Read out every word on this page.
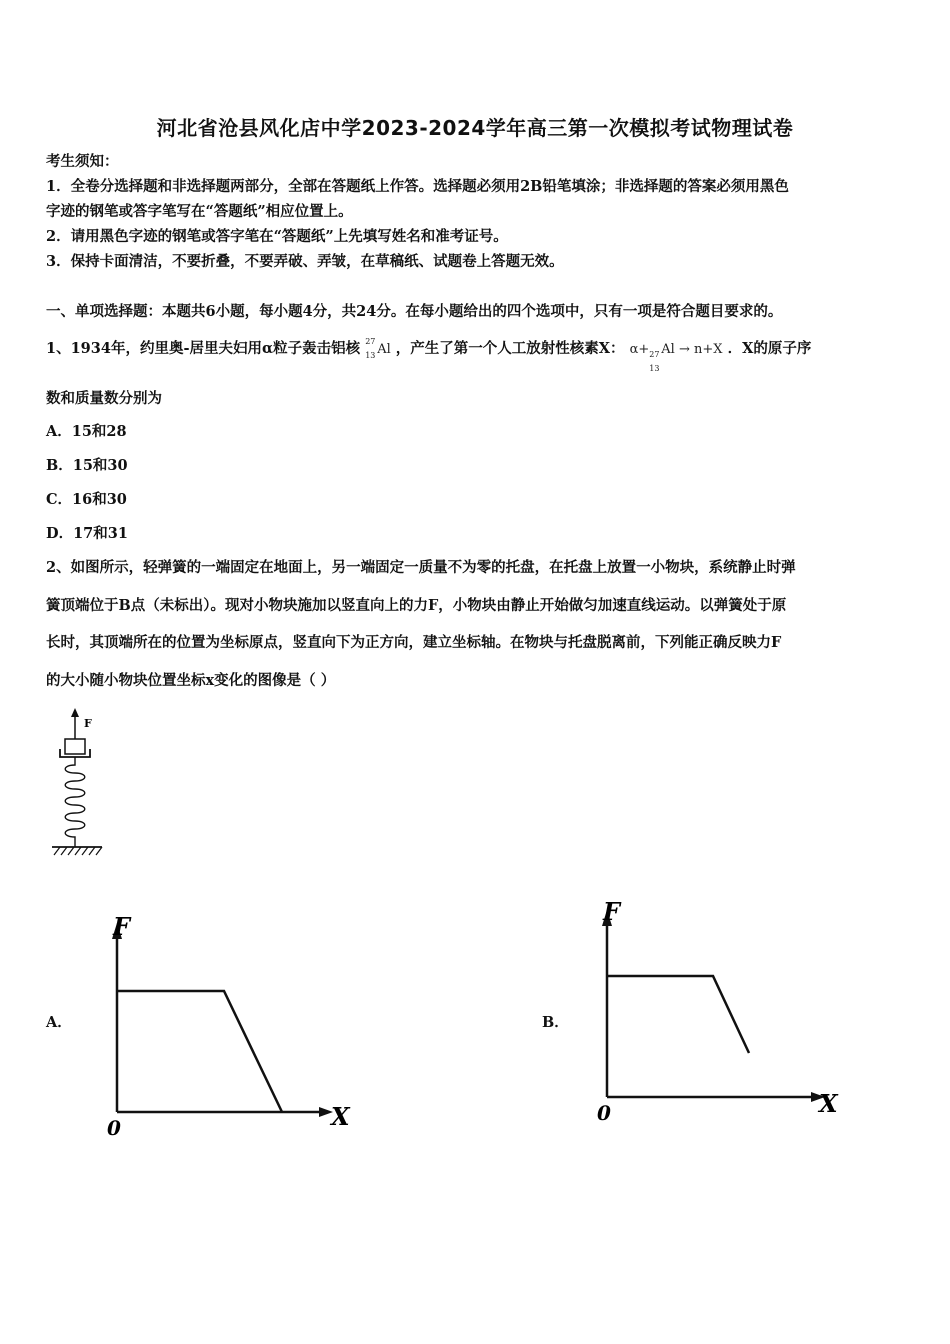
河北省沧县风化店中学2023-2024学年高三第一次模拟考试物理试卷
考生须知：
1．全卷分选择题和非选择题两部分，全部在答题纸上作答。选择题必须用2B铅笔填涂；非选择题的答案必须用黑色
字迹的钢笔或答字笔写在“答题纸”相应位置上。
2．请用黑色字迹的钢笔或答字笔在“答题纸”上先填写姓名和准考证号。
3．保持卡面清洁，不要折叠，不要弄破、弄皱，在草稿纸、试题卷上答题无效。
一、单项选择题：本题共6小题，每小题4分，共24分。在每小题给出的四个选项中，只有一项是符合题目要求的。
1、1934年，约里奥-居里夫妇用α粒子轰击铝核 27
13 Al ，产生了第一个人工放射性核素X： α+ 27
13
Al → n+X ．X的原子序
数和质量数分别为
A．15和28
B．15和30
C．16和30
D．17和31
2、如图所示，轻弹簧的一端固定在地面上，另一端固定一质量不为零的托盘，在托盘上放置一小物块，系统静止时弹
簧顶端位于B点（未标出）。现对小物块施加以竖直向上的力F，小物块由静止开始做匀加速直线运动。以弹簧处于原
长时，其顶端所在的位置为坐标原点，竖直向下为正方向，建立坐标轴。在物块与托盘脱离前，下列能正确反映力F
的大小随小物块位置坐标x变化的图像是（ ）
F
A．
F
X
0
B．
F
X
0
